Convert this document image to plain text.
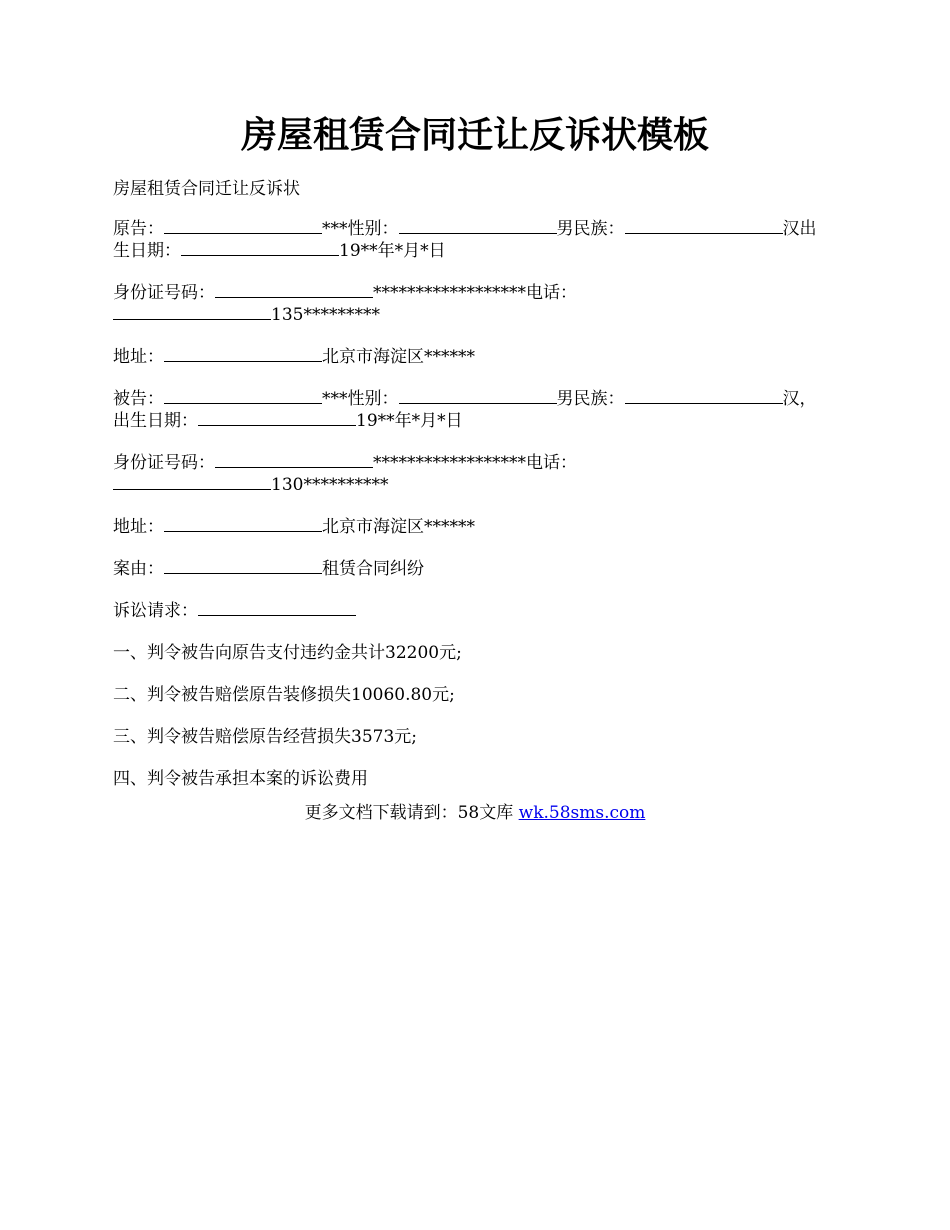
房屋租赁合同迁让反诉状模板
房屋租赁合同迁让反诉状
原告：	***性别：	男民族：	汉出
生日期：	19**年*月*日
身份证号码：	******************电话：
135*********
地址：	北京市海淀区******
被告：	***性别：	男民族：	汉，
出生日期：	19**年*月*日
身份证号码：	******************电话：
130**********
地址：	北京市海淀区******
案由：	租赁合同纠纷
诉讼请求：
一、判令被告向原告支付违约金共计32200元;
二、判令被告赔偿原告装修损失10060.80元;
三、判令被告赔偿原告经营损失3573元;
四、判令被告承担本案的诉讼费用
更多文档下载请到：58文库 wk.58sms.com
